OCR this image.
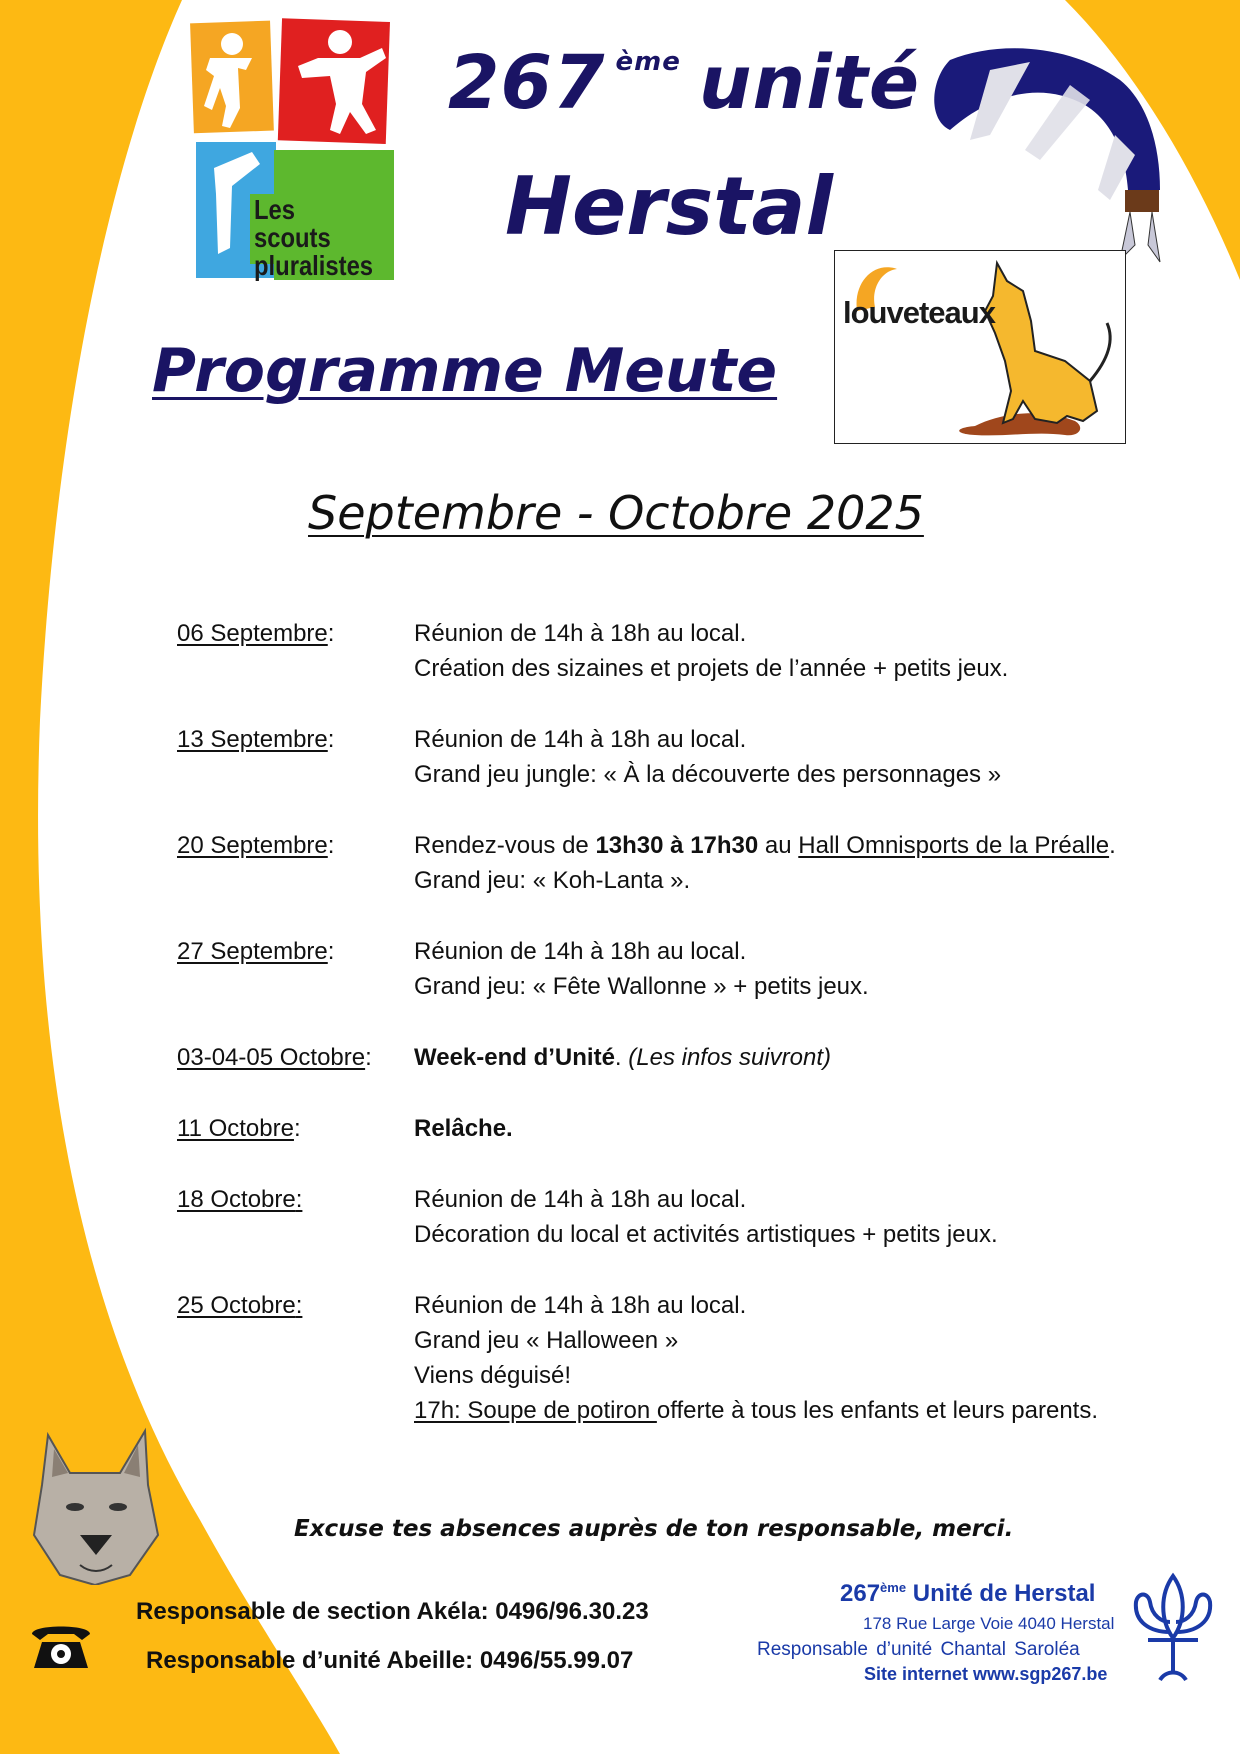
Les scouts
pluralistes
267 $^{ème}$ unité
Herstal
louveteaux
Programme Meute
Septembre - Octobre 2025
06 Septembre:	Réunion de 14h à 18h au local.
Création des sizaines et projets de l’année + petits jeux.
13 Septembre:	Réunion de 14h à 18h au local.
Grand jeu jungle: « À la découverte des personnages »
20 Septembre:	Rendez-vous de 13h30 à 17h30 au Hall Omnisports de la Préalle.
Grand jeu: « Koh-Lanta ».
27 Septembre:	Réunion de 14h à 18h au local.
Grand jeu: « Fête Wallonne » + petits jeux.
03-04-05 Octobre: Week-end d’Unité. (Les infos suivront)
11 Octobre:	Relâche.
18 Octobre:	Réunion de 14h à 18h au local.
Décoration du local et activités artistiques + petits jeux.
25 Octobre:	Réunion de 14h à 18h au local.
Grand jeu « Halloween »
Viens déguisé!
17h: Soupe de potiron offerte à tous les enfants et leurs parents.
Excuse tes absences auprès de ton responsable, merci.
Responsable de section Akéla: 0496/96.30.23
Responsable d’unité Abeille: 0496/55.99.07
267ème Unité de Herstal
178 Rue Large Voie 4040 Herstal
Responsable d’unité Chantal Saroléa
Site internet www.sgp267.be
